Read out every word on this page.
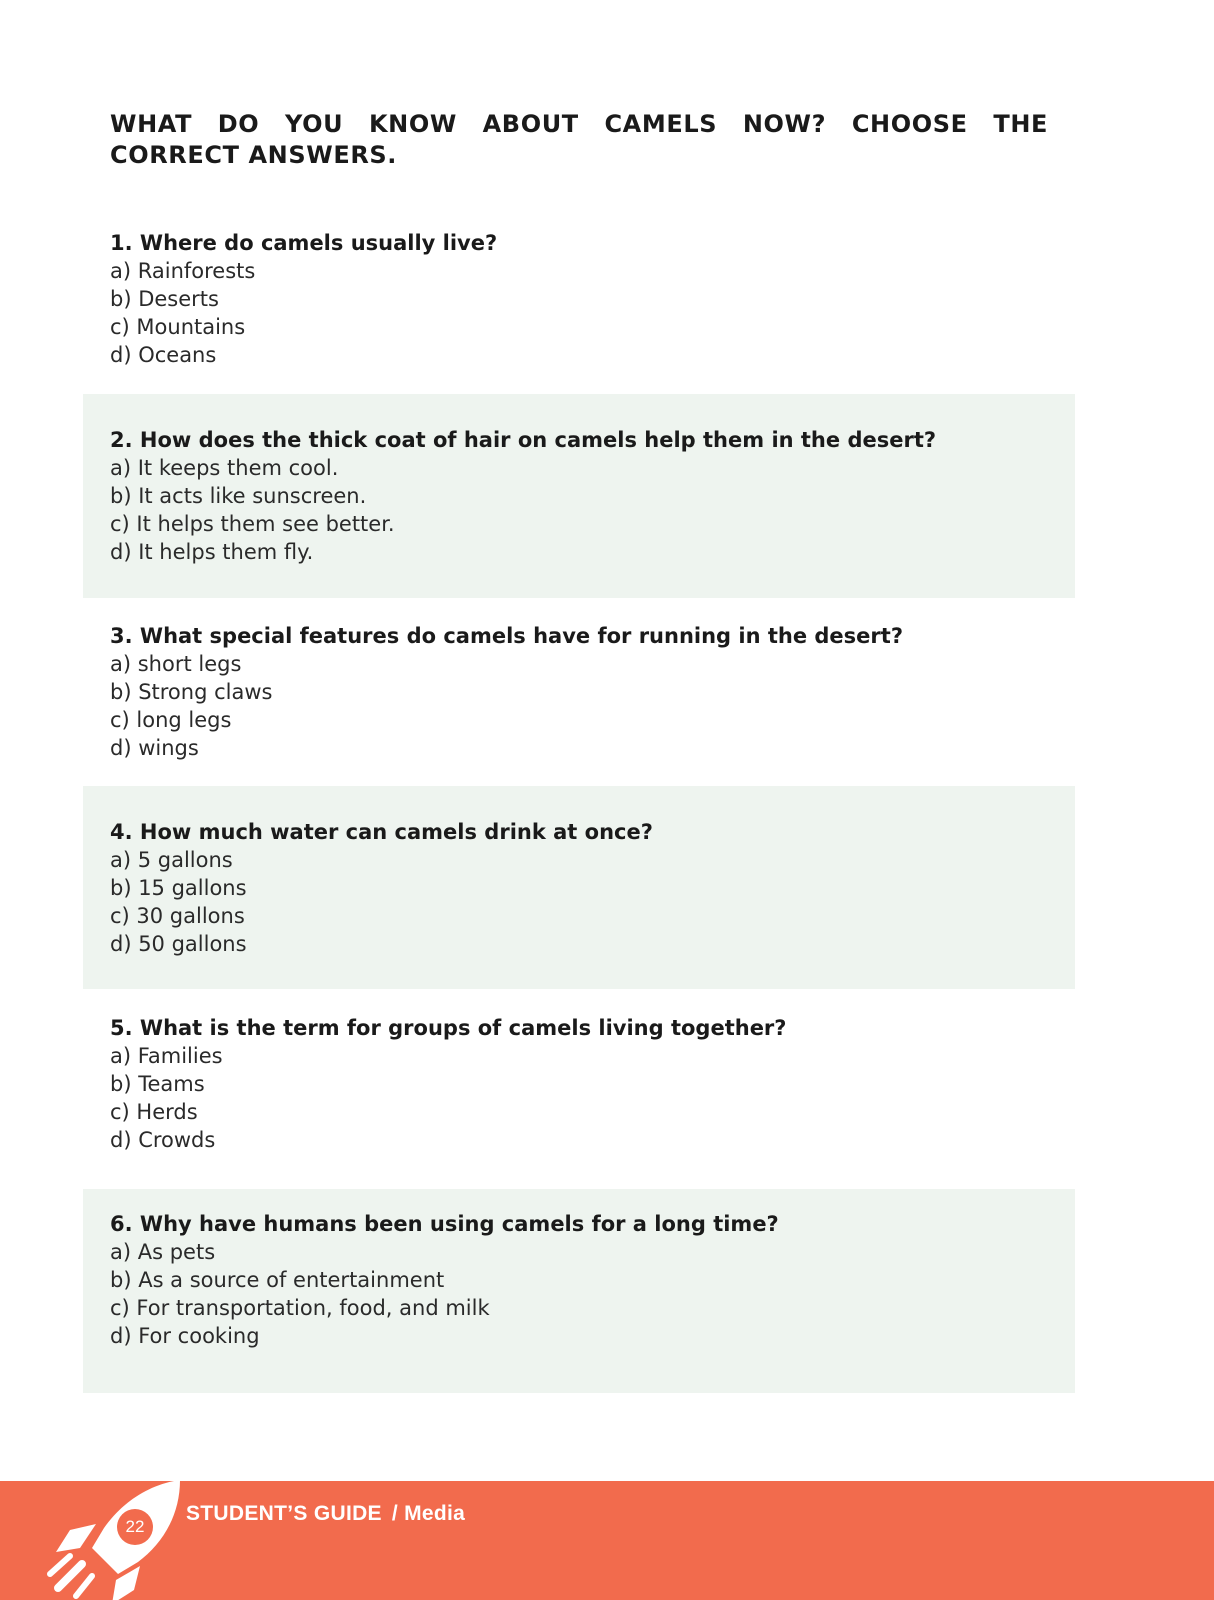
WHAT DO YOU KNOW ABOUT CAMELS NOW? CHOOSE THE CORRECT ANSWERS.
1. Where do camels usually live?
a) Rainforests
b) Deserts
c) Mountains
d) Oceans
2. How does the thick coat of hair on camels help them in the desert?
a) It keeps them cool.
b) It acts like sunscreen.
c) It helps them see better.
d) It helps them fly.
3. What special features do camels have for running in the desert?
a) short legs
b) Strong claws
c) long legs
d) wings
4. How much water can camels drink at once?
a) 5 gallons
b) 15 gallons
c) 30 gallons
d) 50 gallons
5. What is the term for groups of camels living together?
a) Families
b) Teams
c) Herds
d) Crowds
6. Why have humans been using camels for a long time?
a) As pets
b) As a source of entertainment
c) For transportation, food, and milk
d) For cooking
22
STUDENT’S GUIDE / Media
